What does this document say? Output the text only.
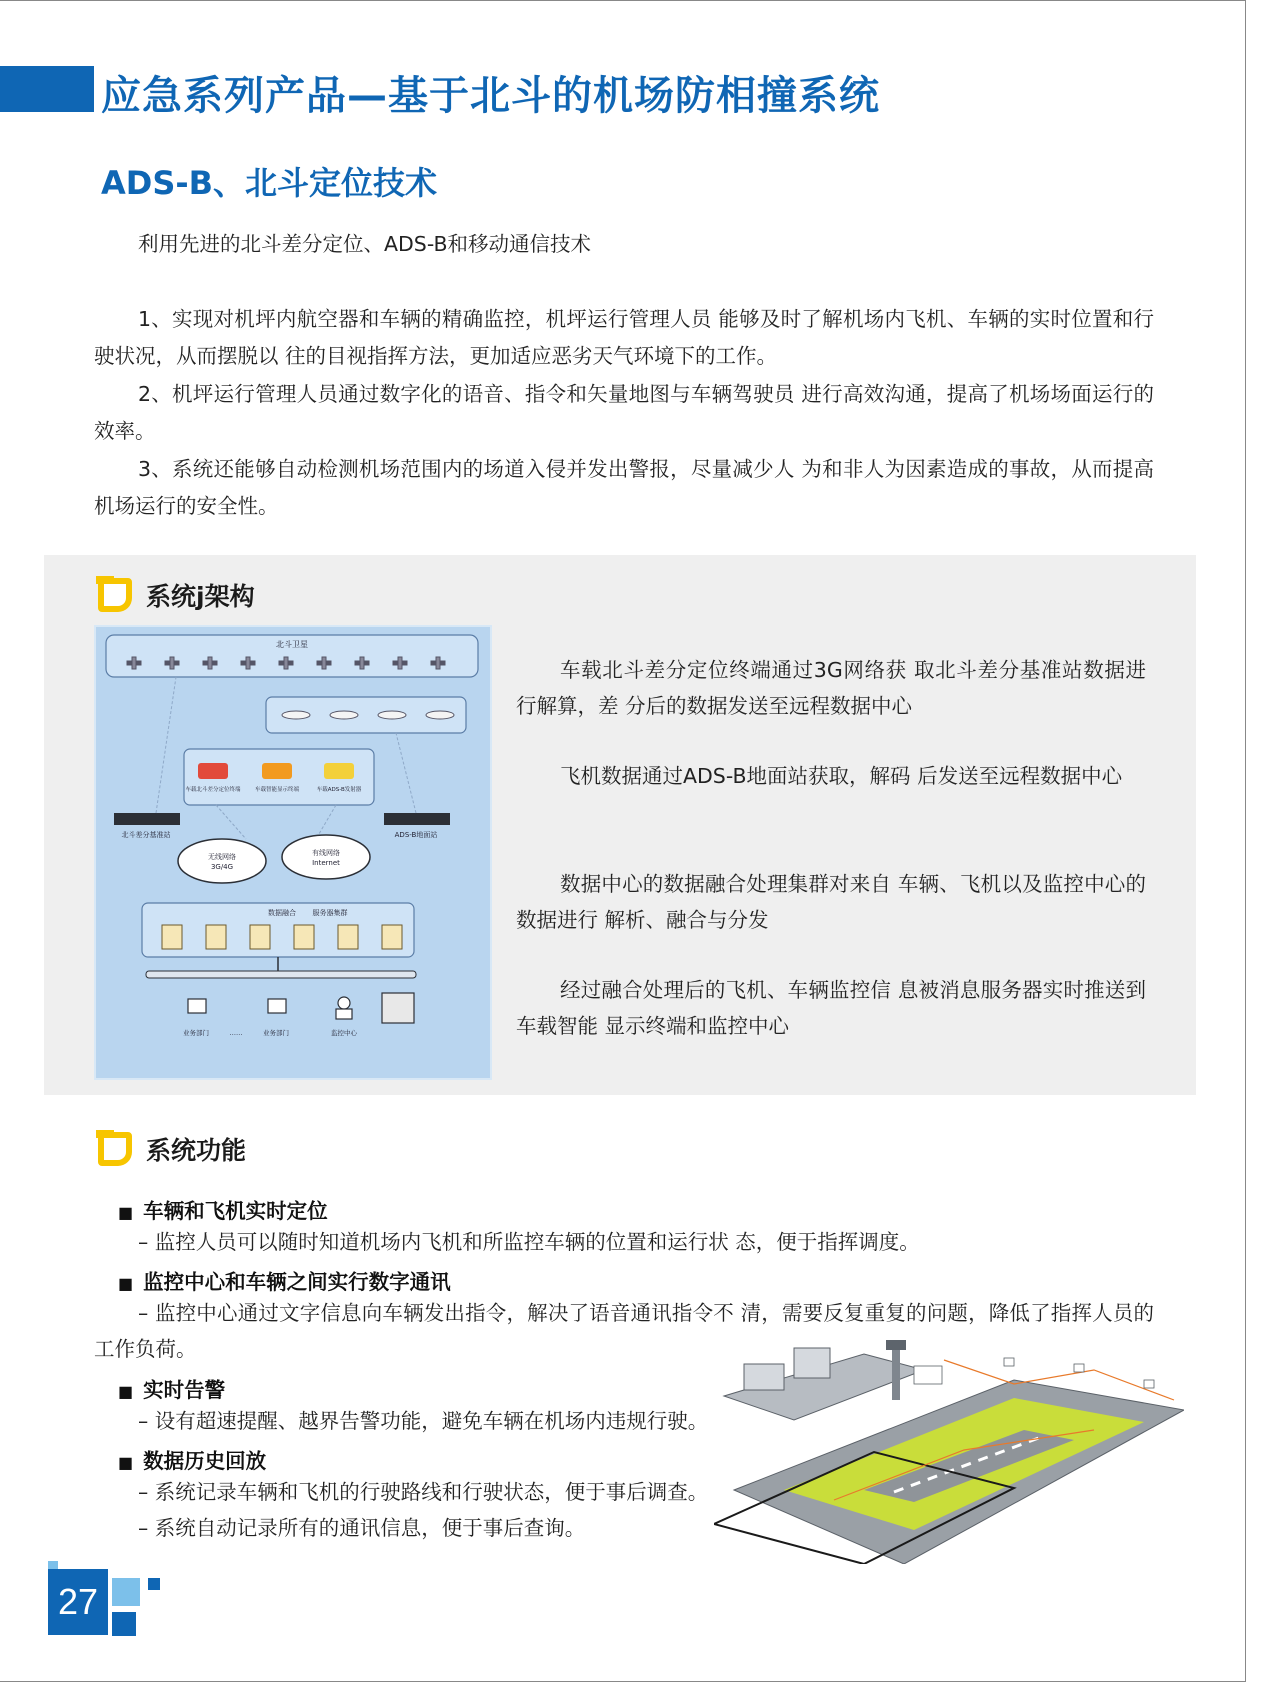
应急系列产品—基于北斗的机场防相撞系统
ADS-B、北斗定位技术
利用先进的北斗差分定位、ADS-B和移动通信技术
1、实现对机坪内航空器和车辆的精确监控，机坪运行管理人员 能够及时了解机场内飞机、车辆的实时位置和行驶状况，从而摆脱以 往的目视指挥方法，更加适应恶劣天气环境下的工作。
2、机坪运行管理人员通过数字化的语音、指令和矢量地图与车辆驾驶员 进行高效沟通，提高了机场场面运行的效率。
3、系统还能够自动检测机场范围内的场道入侵并发出警报，尽量减少人 为和非人为因素造成的事故，从而提高机场运行的安全性。
系统j架构
北斗卫星
车载北斗差分定位终端	车载智能显示终端	车载ADS-B发射器
北斗差分基准站	ADS-B地面站
无线网络
3G/4G
有线网络
Internet
数据融合 服务器集群
业务部门	……	业务部门	监控中心
车载北斗差分定位终端通过3G网络获 取北斗差分基准站数据进行解算，差 分后的数据发送至远程数据中心
飞机数据通过ADS-B地面站获取，解码 后发送至远程数据中心
数据中心的数据融合处理集群对来自 车辆、飞机以及监控中心的数据进行 解析、融合与分发
经过融合处理后的飞机、车辆监控信 息被消息服务器实时推送到车载智能 显示终端和监控中心
系统功能
■ 车辆和飞机实时定位
– 监控人员可以随时知道机场内飞机和所监控车辆的位置和运行状 态，便于指挥调度。
■ 监控中心和车辆之间实行数字通讯
– 监控中心通过文字信息向车辆发出指令，解决了语音通讯指令不 清，需要反复重复的问题，降低了指挥人员的工作负荷。
■ 实时告警
– 设有超速提醒、越界告警功能，避免车辆在机场内违规行驶。
■ 数据历史回放
– 系统记录车辆和飞机的行驶路线和行驶状态，便于事后调查。
– 系统自动记录所有的通讯信息，便于事后查询。
27
